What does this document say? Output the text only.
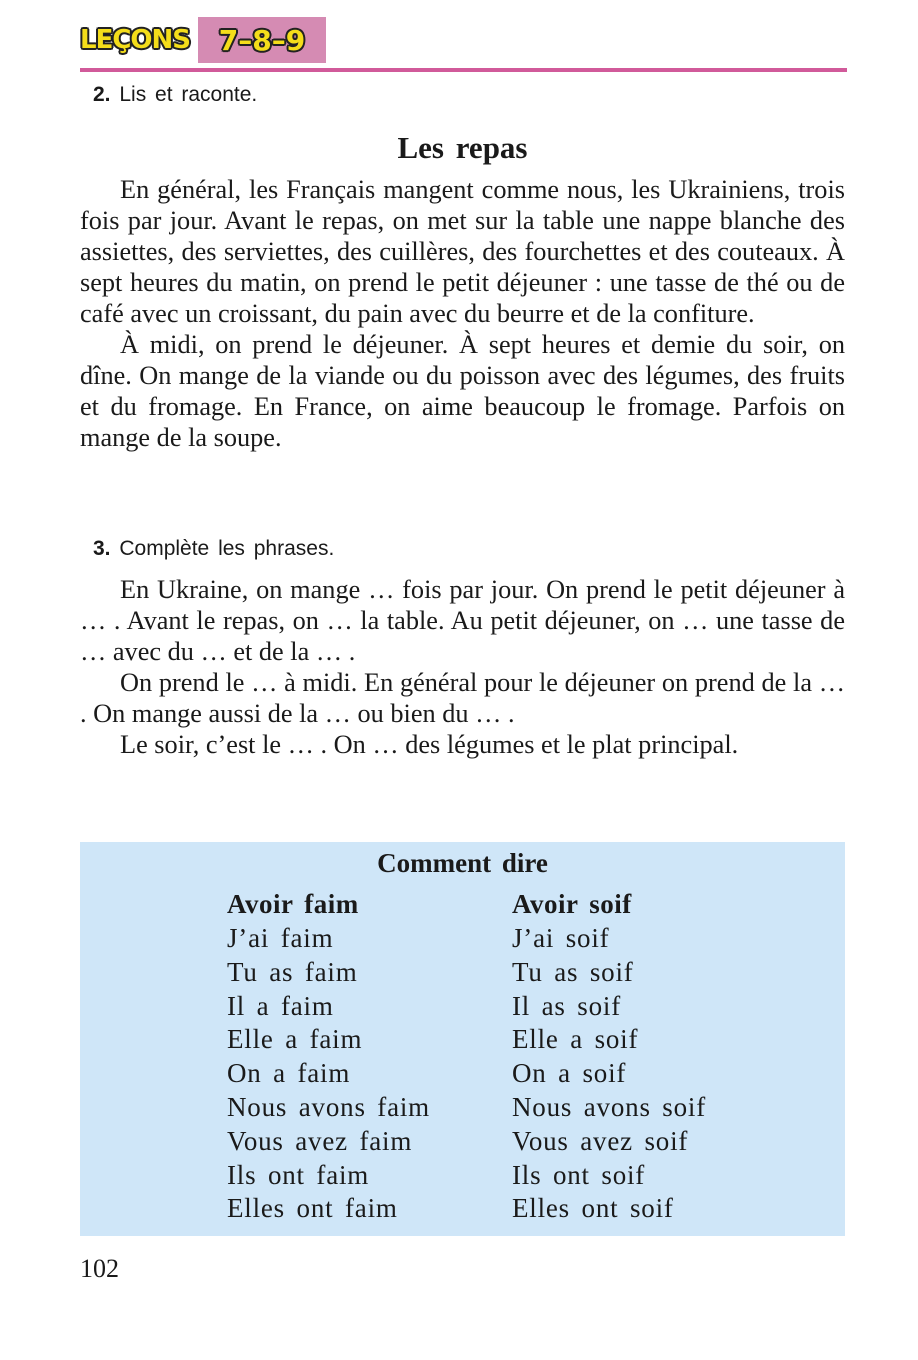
LEÇONS	7–8–9
2. Lis et raconte.
Les repas

En général, les Français mangent comme nous, les Ukrainiens, trois fois par jour. Avant le repas, on met sur la table une nappe blanche des assiettes, des serviettes, des cuillères, des fourchettes et des couteaux. À sept heures du matin, on prend le petit déjeuner : une tasse de thé ou de café avec un croissant, du pain avec du beurre et de la confiture.

À midi, on prend le déjeuner. À sept heures et demie du soir, on dîne. On mange de la viande ou du poisson avec des légumes, des fruits et du fromage. En France, on aime beaucoup le fromage. Parfois on mange de la soupe.

3. Complète les phrases.

En Ukraine, on mange … fois par jour. On prend le petit déjeuner à … . Avant le repas, on … la table. Au petit déjeuner, on … une tasse de … avec du … et de la … .

On prend le … à midi. En général pour le déjeuner on prend de la … . On mange aussi de la … ou bien du … .

Le soir, c’est le … . On … des légumes et le plat principal.

Comment dire
Avoir faim
J’ai faim
Tu as faim
Il a faim
Elle a faim
On a faim
Nous avons faim
Vous avez faim
Ils ont faim
Elles ont faim
Avoir soif
J’ai soif
Tu as soif
Il as soif
Elle a soif
On a soif
Nous avons soif
Vous avez soif
Ils ont soif
Elles ont soif
102
